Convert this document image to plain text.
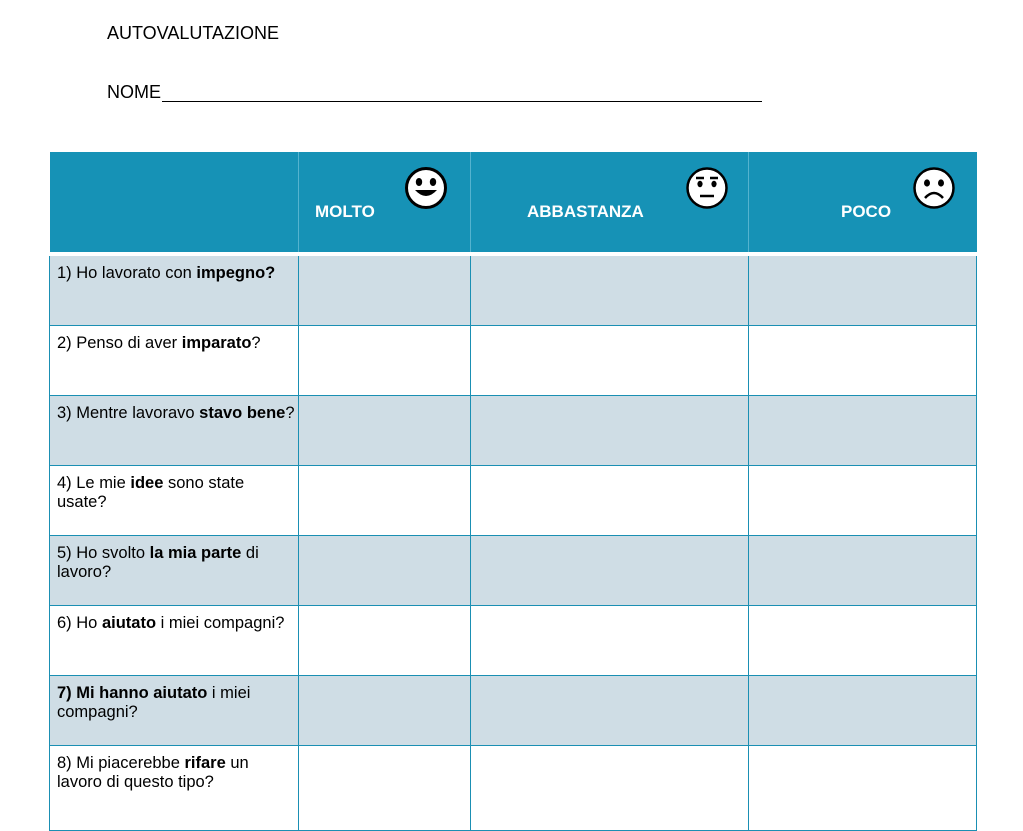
AUTOVALUTAZIONE
NOME

	MOLTO	ABBASTANZA	POCO

1) Ho lavorato con impegno?			

2) Penso di aver imparato?			

3) Mentre lavoravo stavo bene?			

4) Le mie idee sono state usate?			

5) Ho svolto la mia parte di lavoro?			

6) Ho aiutato i miei compagni?			

7) Mi hanno aiutato i miei compagni?			

8) Mi piacerebbe rifare un lavoro di questo tipo?			
